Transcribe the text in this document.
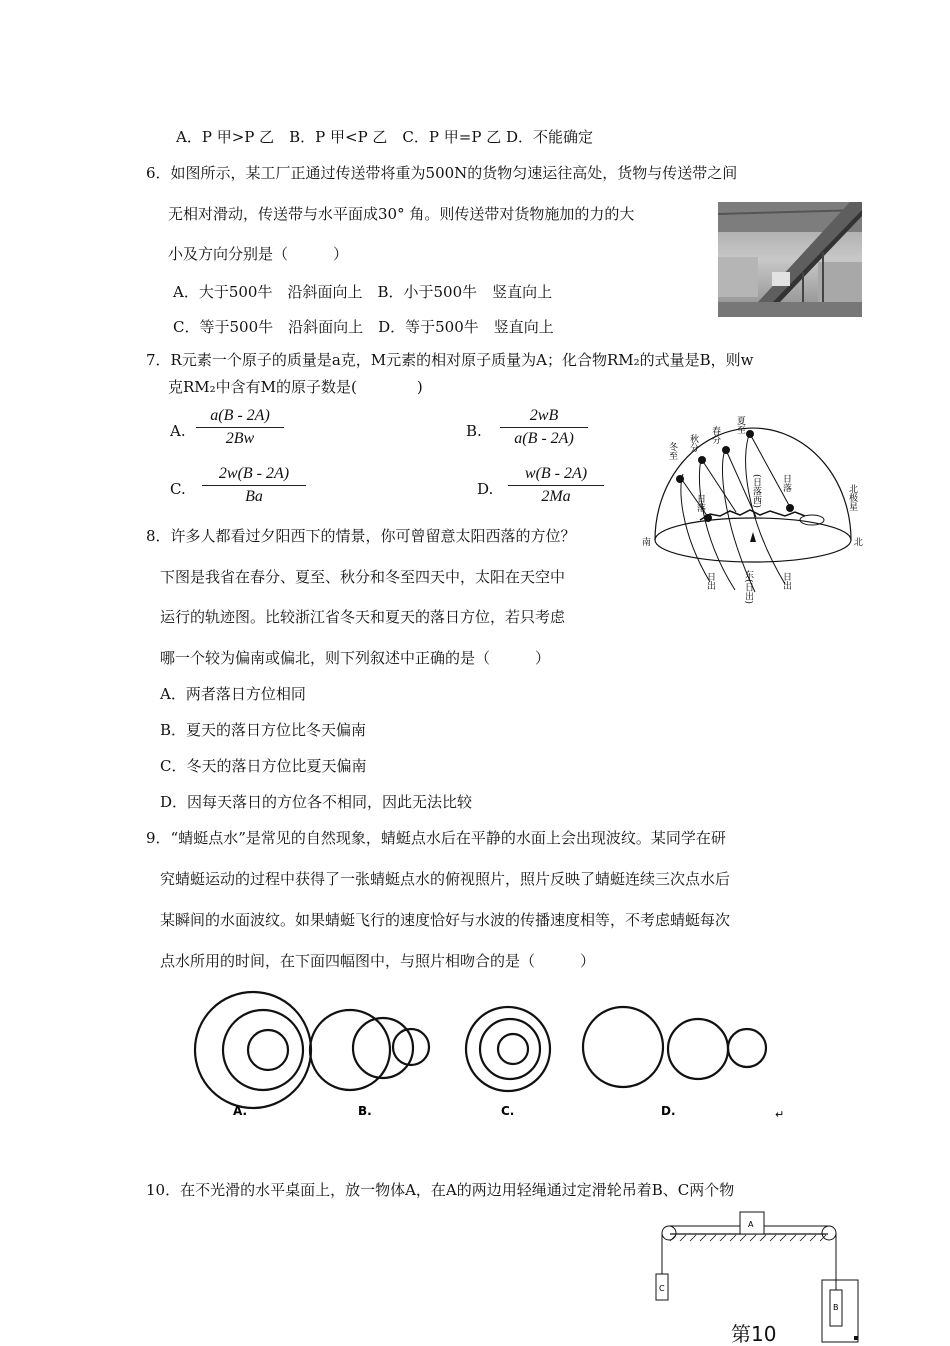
A．P 甲>P 乙　B．P 甲<P 乙　C．P 甲=P 乙 D．不能确定
6．如图所示，某工厂正通过传送带将重为500N的货物匀速运往高处，货物与传送带之间
无相对滑动，传送带与水平面成30° 角。则传送带对货物施加的力的大
小及方向分别是（　　　）
A．大于500牛　沿斜面向上　B．小于500牛　竖直向上
C．等于500牛　沿斜面向上　D．等于500牛　竖直向上
7．R元素一个原子的质量是a克，M元素的相对原子质量为A；化合物RM₂的式量是B，则w
克RM₂中含有M的原子数是(　　　　)
A. $\frac{a(B - 2A)}{2Bw}$	B. $\frac{2wB}{a(B - 2A)}$
C. $\frac{2w(B - 2A)}{Ba}$	D. $\frac{w(B - 2A)}{2Ma}$
8．许多人都看过夕阳西下的情景，你可曾留意太阳西落的方位？
下图是我省在春分、夏至、秋分和冬至四天中，太阳在天空中
运行的轨迹图。比较浙江省冬天和夏天的落日方位，若只考虑
哪一个较为偏南或偏北，则下列叙述中正确的是（　　　）
A．两者落日方位相同
B．夏天的落日方位比冬天偏南
C．冬天的落日方位比夏天偏南
D．因每天落日的方位各不相同，因此无法比较
冬至 秋分 春分
夏至
日落	(日落西) 日落
北极星
南	北
日出	东(日出)	日出
9．“蜻蜓点水”是常见的自然现象，蜻蜓点水后在平静的水面上会出现波纹。某同学在研
究蜻蜓运动的过程中获得了一张蜻蜓点水的俯视照片，照片反映了蜻蜓连续三次点水后
某瞬间的水面波纹。如果蜻蜓飞行的速度恰好与水波的传播速度相等，不考虑蜻蜓每次
点水所用的时间，在下面四幅图中，与照片相吻合的是（　　　）
A.	B.	C.	D.	↵
10．在不光滑的水平桌面上，放一物体A，在A的两边用轻绳通过定滑轮吊着B、C两个物
A
C
B
第10
